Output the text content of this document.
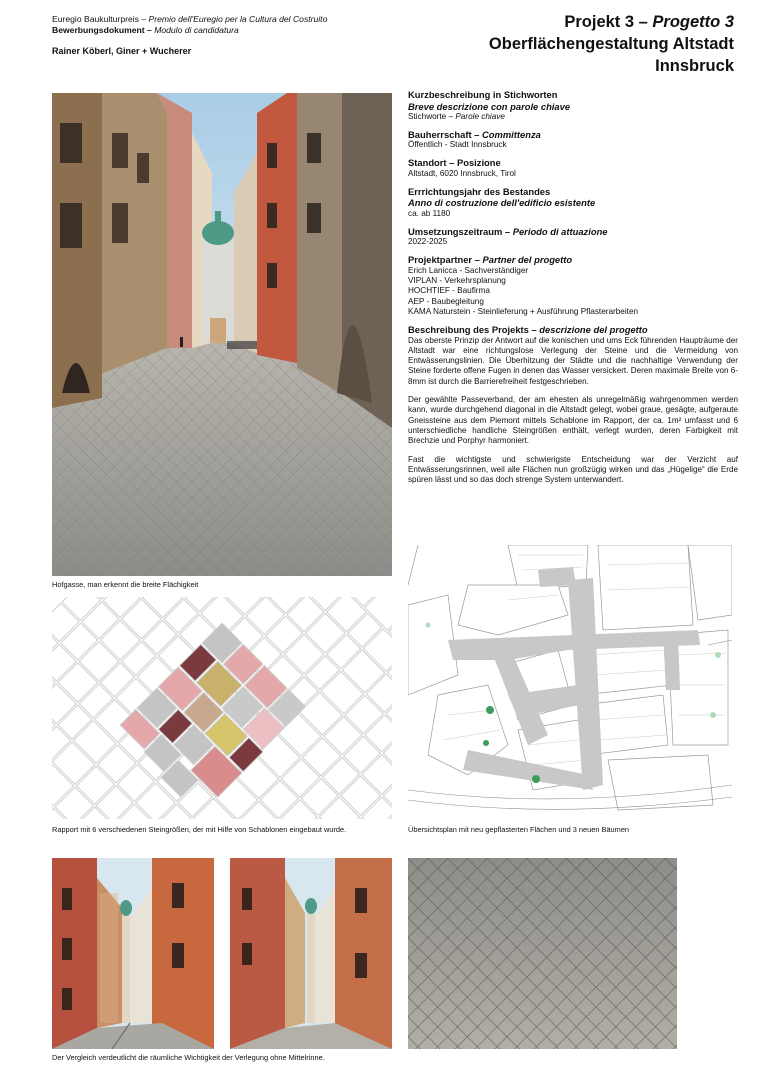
Euregio Baukulturpreis – Premio dell'Euregio per la Cultura del Costruito
Bewerbungsdokument – Modulo di candidatura
Rainer Köberl, Giner + Wucherer
Projekt 3 – Progetto 3
Oberflächengestaltung Altstadt
Innsbruck
Hofgasse, man erkennt die breite Flächigkeit
Kurzbeschreibung in Stichworten
Breve descrizione con parole chiave
Stichworte – Parole chiave
Bauherrschaft – Committenza
Öffentlich - Stadt Innsbruck
Standort – Posizione
Altstadt, 6020 Innsbruck, Tirol
Errrichtungsjahr des Bestandes
Anno di costruzione dell'edificio esistente
ca. ab 1180
Umsetzungszeitraum – Periodo di attuazione
2022-2025
Projektpartner – Partner del progetto
Erich Lanicca - Sachverständiger
VIPLAN - Verkehrsplanung
HOCHTIEF - Baufirma
AEP - Baubegleitung
KAMA Naturstein - Steinlieferung + Ausführung Pflasterarbeiten
Beschreibung des Projekts – descrizione del progetto

Das oberste Prinzip der Antwort auf die konischen und ums Eck führenden Haupträume der Altstadt war eine richtungslose Verlegung der Steine und die Vermeidung von Entwässerungslinien. Die Überhitzung der Städte und die nachhaltige Verwendung der Steine forderte offene Fugen in denen das Wasser versickert. Deren maximale Breite von 6-8mm ist durch die Barrierefreiheit festgeschrieben.

Der gewählte Passeverband, der am ehesten als unregelmäßig wahrgenommen werden kann, wurde durchgehend diagonal in die Altstadt gelegt, wobei graue, gesägte, aufgeraute Gneissteine aus dem Piemont mittels Schablone im Rapport, der ca. 1m² umfasst und 6 unterschiedliche handliche Steingrößen enthält, verlegt wurden, deren Farbigkeit mit Brechzie und Porphyr harmoniert.

Fast die wichtigste und schwierigste Entscheidung war der Verzicht auf Entwässerungsrinnen, weil alle Flächen nun großzügig wirken und das „Hügelige“ die Erde spüren lässt und so das doch strenge System unterwandert.

Rapport mit 6 verschiedenen Steingrößen, der mit Hilfe von Schablonen eingebaut wurde.	Übersichtsplan mit neu gepflasterten Flächen und 3 neuen Bäumen
Der Vergleich verdeutlicht die räumliche Wichtigkeit der Verlegung ohne Mittelrinne.
